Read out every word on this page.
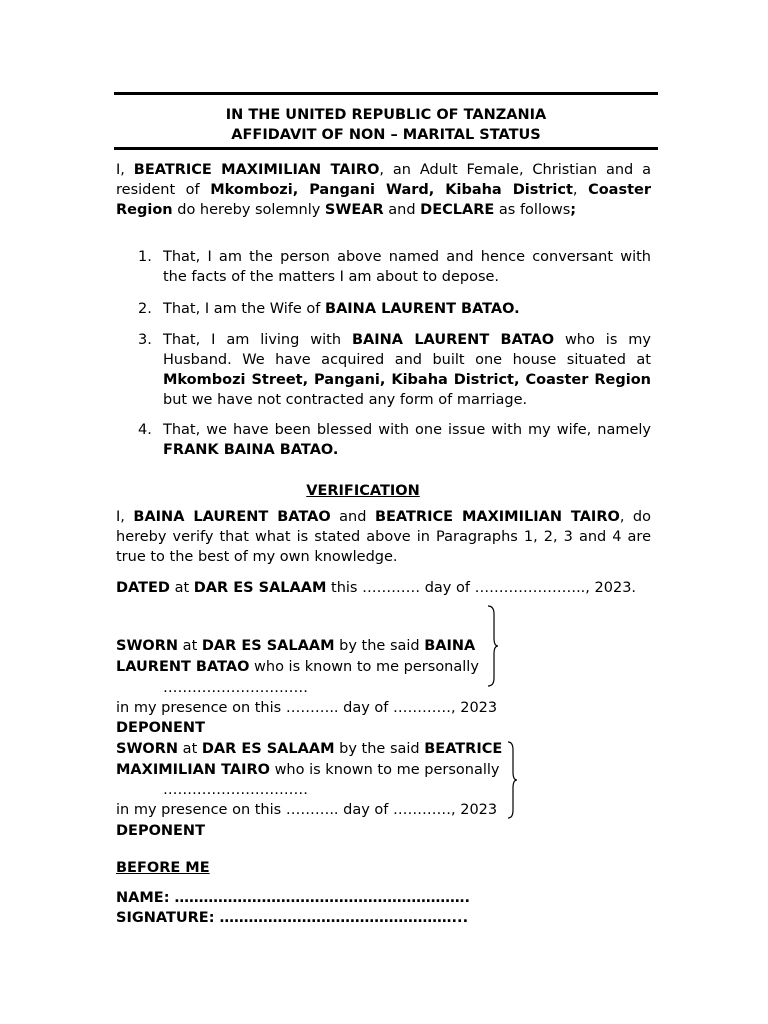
IN THE UNITED REPUBLIC OF TANZANIA
AFFIDAVIT OF NON – MARITAL STATUS
I, BEATRICE MAXIMILIAN TAIRO, an Adult Female, Christian and a resident of Mkombozi, Pangani Ward, Kibaha District, Coaster Region do hereby solemnly SWEAR and DECLARE as follows;
1. That, I am the person above named and hence conversant with the facts of the matters I am about to depose.
2. That, I am the Wife of BAINA LAURENT BATAO.
3. That, I am living with BAINA LAURENT BATAO who is my Husband. We have acquired and built one house situated at Mkombozi Street, Pangani, Kibaha District, Coaster Region but we have not contracted any form of marriage.
4. That, we have been blessed with one issue with my wife, namely FRANK BAINA BATAO.
VERIFICATION
I, BAINA LAURENT BATAO and BEATRICE MAXIMILIAN TAIRO, do hereby verify that what is stated above in Paragraphs 1, 2, 3 and 4 are true to the best of my own knowledge.
DATED at DAR ES SALAAM this ………… day of ………………….., 2023.
SWORN at DAR ES SALAAM by the said BAINA
LAURENT BATAO who is known to me personally
…………………………
in my presence on this ……….. day of …………, 2023
DEPONENT
SWORN at DAR ES SALAAM by the said BEATRICE
MAXIMILIAN TAIRO who is known to me personally
…………………………
in my presence on this ……….. day of …………, 2023
DEPONENT
BEFORE ME
NAME: …………………………………………………….
SIGNATURE: …………………………………………...
